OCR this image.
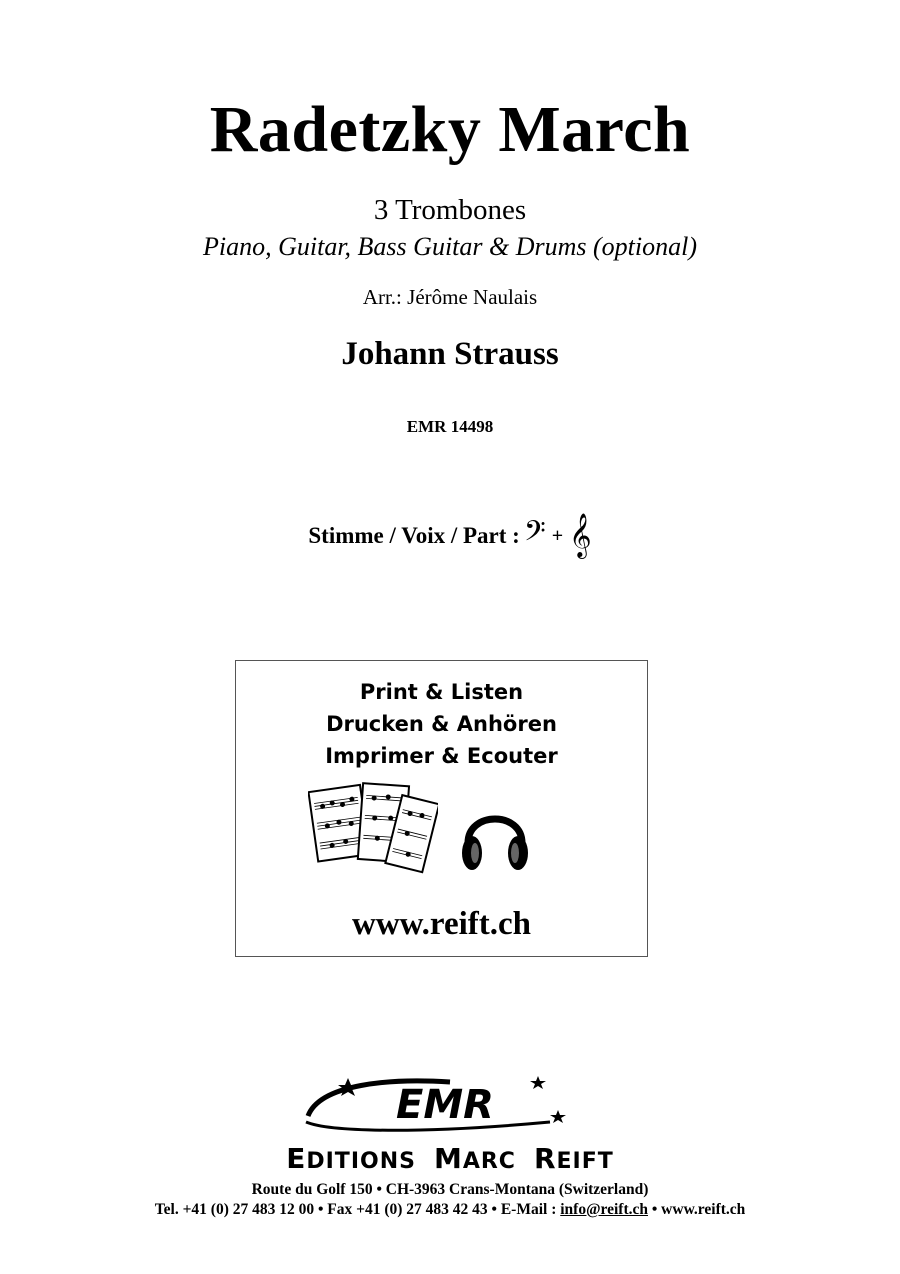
Radetzky March
3 Trombones
Piano, Guitar, Bass Guitar & Drums (optional)
Arr.: Jérôme Naulais
Johann Strauss
EMR 14498
Stimme / Voix / Part : 𝄢 + 𝄞
Print & Listen
Drucken & Anhören
Imprimer & Ecouter
www.reift.ch
EMR
EDITIONS MARC REIFT
Route du Golf 150 • CH-3963 Crans-Montana (Switzerland)
Tel. +41 (0) 27 483 12 00 • Fax +41 (0) 27 483 42 43 • E-Mail : info@reift.ch • www.reift.ch
